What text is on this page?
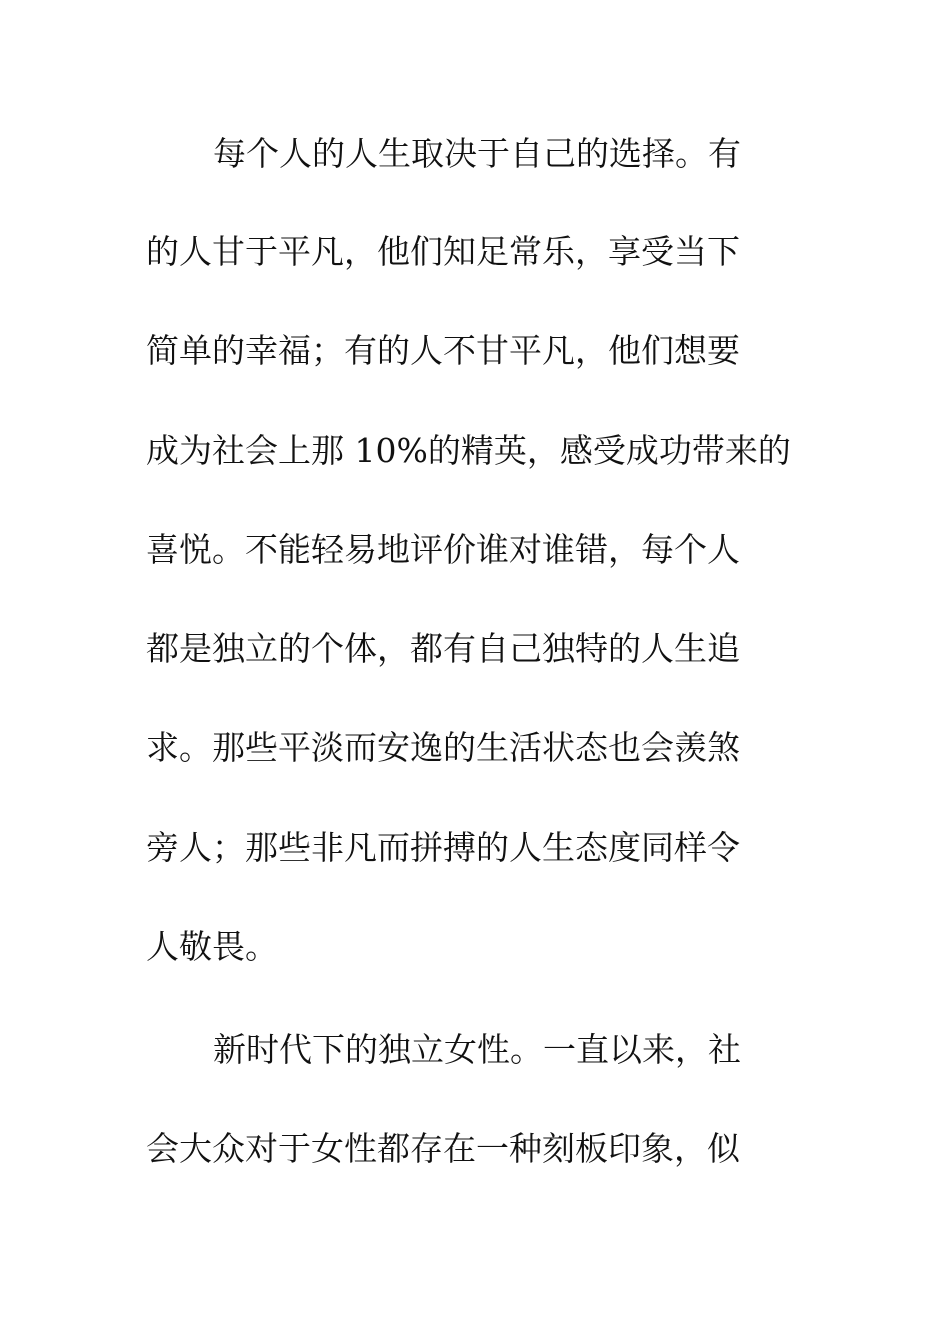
每个人的人生取决于自己的选择。有
的人甘于平凡，他们知足常乐，享受当下
简单的幸福；有的人不甘平凡，他们想要
成为社会上那 10%的精英，感受成功带来的
喜悦。不能轻易地评价谁对谁错，每个人
都是独立的个体，都有自己独特的人生追
求。那些平淡而安逸的生活状态也会羡煞
旁人；那些非凡而拼搏的人生态度同样令
人敬畏。
新时代下的独立女性。一直以来，社
会大众对于女性都存在一种刻板印象，似
